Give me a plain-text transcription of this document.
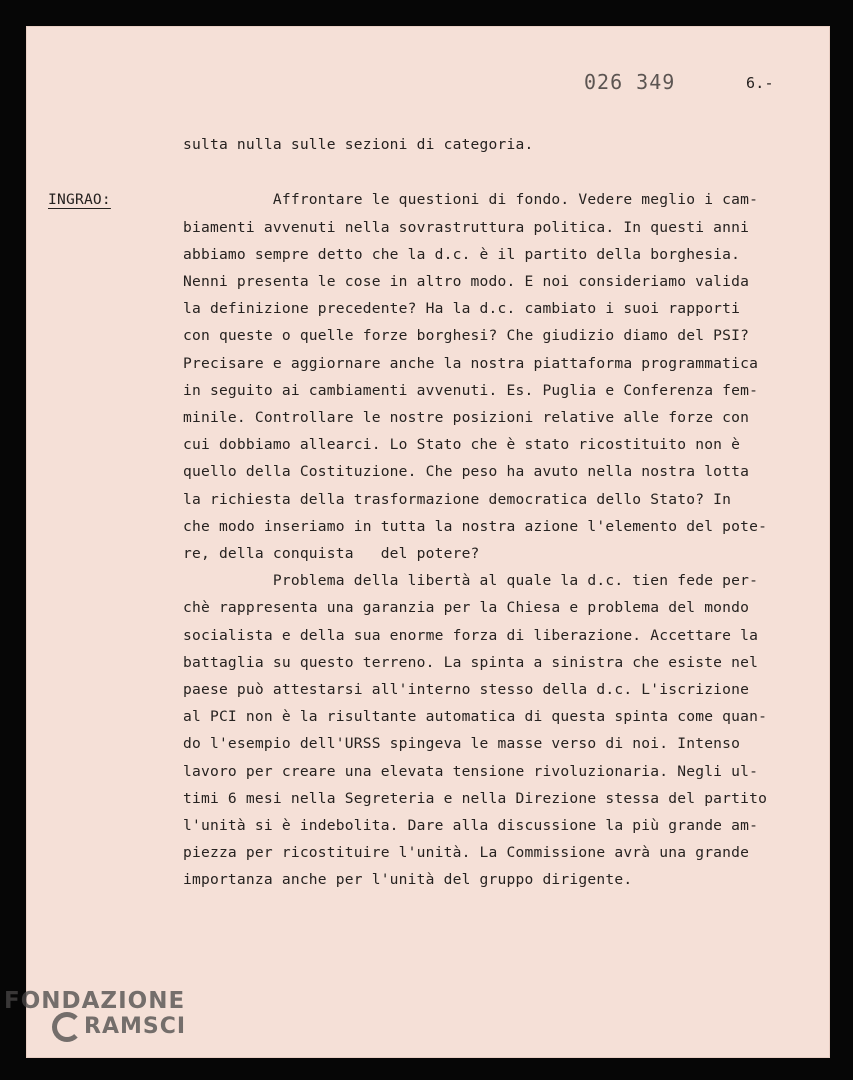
026 349	6.-
INGRAO:
sulta nulla sulle sezioni di categoria.
Affrontare le questioni di fondo. Vedere meglio i cam-
biamenti avvenuti nella sovrastruttura politica. In questi anni
abbiamo sempre detto che la d.c. è il partito della borghesia.
Nenni presenta le cose in altro modo. E noi consideriamo valida
la definizione precedente? Ha la d.c. cambiato i suoi rapporti
con queste o quelle forze borghesi? Che giudizio diamo del PSI?
Precisare e aggiornare anche la nostra piattaforma programmatica
in seguito ai cambiamenti avvenuti. Es. Puglia e Conferenza fem-
minile. Controllare le nostre posizioni relative alle forze con
cui dobbiamo allearci. Lo Stato che è stato ricostituito non è
quello della Costituzione. Che peso ha avuto nella nostra lotta
la richiesta della trasformazione democratica dello Stato? In
che modo inseriamo in tutta la nostra azione l'elemento del pote-
re, della conquista   del potere?
Problema della libertà al quale la d.c. tien fede per-
chè rappresenta una garanzia per la Chiesa e problema del mondo
socialista e della sua enorme forza di liberazione. Accettare la
battaglia su questo terreno. La spinta a sinistra che esiste nel
paese può attestarsi all'interno stesso della d.c. L'iscrizione
al PCI non è la risultante automatica di questa spinta come quan-
do l'esempio dell'URSS spingeva le masse verso di noi. Intenso
lavoro per creare una elevata tensione rivoluzionaria. Negli ul-
timi 6 mesi nella Segreteria e nella Direzione stessa del partito
l'unità si è indebolita. Dare alla discussione la più grande am-
piezza per ricostituire l'unità. La Commissione avrà una grande
importanza anche per l'unità del gruppo dirigente.
FONDAZIONE
RAMSCI
